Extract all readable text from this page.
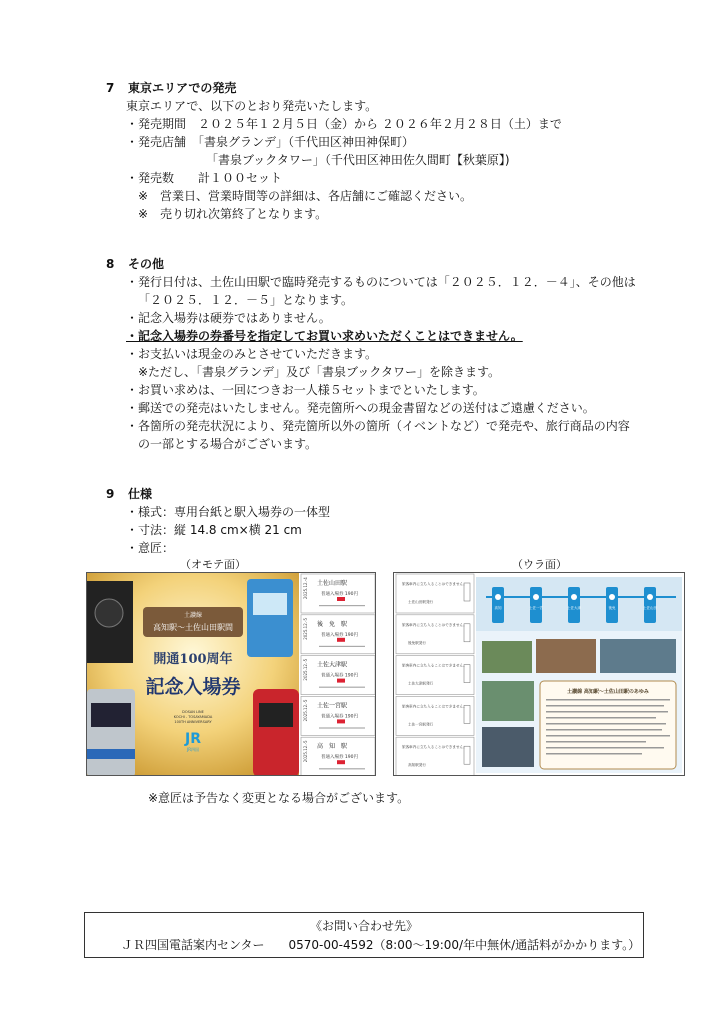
7 東京エリアでの発売
東京エリアで、以下のとおり発売いたします。
・発売期間　２０２５年１２月５日（金）から ２０２６年２月２８日（土）まで
・発売店舗　「書泉グランデ」（千代田区神田神保町）
「書泉ブックタワー」（千代田区神田佐久間町【秋葉原】)
・発売数　　計１００セット
※　営業日、営業時間等の詳細は、各店舗にご確認ください。
※　売り切れ次第終了となります。
8 その他
・発行日付は、土佐山田駅で臨時発売するものについては「２０２５．１２．－４」、その他は
「２０２５．１２．－５」となります。
・記念入場券は硬券ではありません。
・記念入場券の券番号を指定してお買い求めいただくことはできません。
・お支払いは現金のみとさせていただきます。
※ただし、「書泉グランデ」及び「書泉ブックタワー」を除きます。
・お買い求めは、一回につきお一人様５セットまでといたします。
・郵送での発売はいたしません。発売箇所への現金書留などの送付はご遠慮ください。
・各箇所の発売状況により、発売箇所以外の箇所（イベントなど）で発売や、旅行商品の内容
の一部とする場合がございます。
9 仕様
・様式：専用台紙と駅入場券の一体型
・寸法：縦 14.8 cm×横 21 cm
・意匠：
（オモテ面）	（ウラ面）
土讃線
高知駅～土佐山田駅間
開通100周年
記念入場券
DOSAN LINE
KOCHI - TOSAYAMADA
100TH ANNIVERSARY
JR
JR四国
2025.12.-4 土佐山田駅
普通入場券 190円
2025.12.-5 後　免　駅
普通入場券 190円
2025.12.-5 土佐大津駅
普通入場券 190円
2025.12.-5 土佐一宮駅
普通入場券 190円
2025.12.-5 高　知　駅
普通入場券 190円
高知	土佐一宮	土佐大津	後免	土佐山田
土讃線 高知駅～土佐山田駅のあゆみ
旅客車内に立ち入ることはできません。
土佐山田駅発行
旅客車内に立ち入ることはできません。
後免駅発行
旅客車内に立ち入ることはできません。
土佐大津駅発行
旅客車内に立ち入ることはできません。
土佐一宮駅発行
旅客車内に立ち入ることはできません。
高知駅発行
※意匠は予告なく変更となる場合がございます。
《お問い合わせ先》
ＪＲ四国電話案内センター　　0570-00-4592（8:00～19:00/年中無休/通話料がかかります。）
